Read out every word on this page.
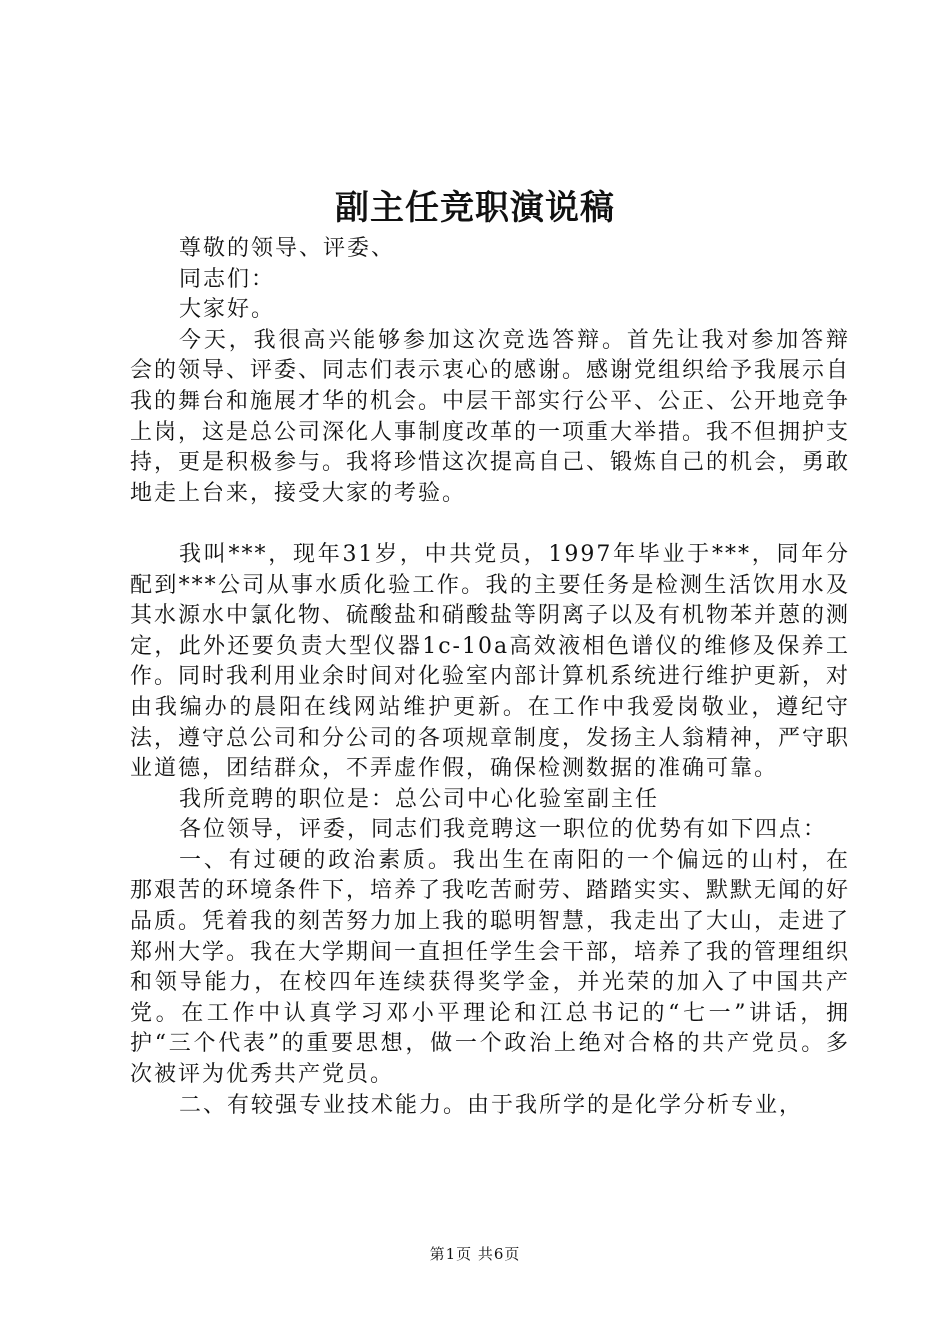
副主任竞职演说稿

尊敬的领导、评委、

同志们：

大家好。

今天，我很高兴能够参加这次竞选答辩。首先让我对参加答辩会的领导、评委、同志们表示衷心的感谢。感谢党组织给予我展示自我的舞台和施展才华的机会。中层干部实行公平、公正、公开地竞争上岗，这是总公司深化人事制度改革的一项重大举措。我不但拥护支持，更是积极参与。我将珍惜这次提高自己、锻炼自己的机会，勇敢地走上台来，接受大家的考验。

我叫***，现年31岁，中共党员，1997年毕业于***，同年分配到***公司从事水质化验工作。我的主要任务是检测生活饮用水及其水源水中氯化物、硫酸盐和硝酸盐等阴离子以及有机物苯并蒽的测定，此外还要负责大型仪器1c-10a高效液相色谱仪的维修及保养工作。同时我利用业余时间对化验室内部计算机系统进行维护更新，对由我编办的晨阳在线网站维护更新。在工作中我爱岗敬业，遵纪守法，遵守总公司和分公司的各项规章制度，发扬主人翁精神，严守职业道德，团结群众，不弄虚作假，确保检测数据的准确可靠。

我所竞聘的职位是：总公司中心化验室副主任

各位领导，评委，同志们我竞聘这一职位的优势有如下四点：

一、有过硬的政治素质。我出生在南阳的一个偏远的山村，在那艰苦的环境条件下，培养了我吃苦耐劳、踏踏实实、默默无闻的好品质。凭着我的刻苦努力加上我的聪明智慧，我走出了大山，走进了郑州大学。我在大学期间一直担任学生会干部，培养了我的管理组织和领导能力，在校四年连续获得奖学金，并光荣的加入了中国共产党。在工作中认真学习邓小平理论和江总书记的“七一”讲话，拥护“三个代表”的重要思想，做一个政治上绝对合格的共产党员。多次被评为优秀共产党员。

二、有较强专业技术能力。由于我所学的是化学分析专业，

第1页 共6页
